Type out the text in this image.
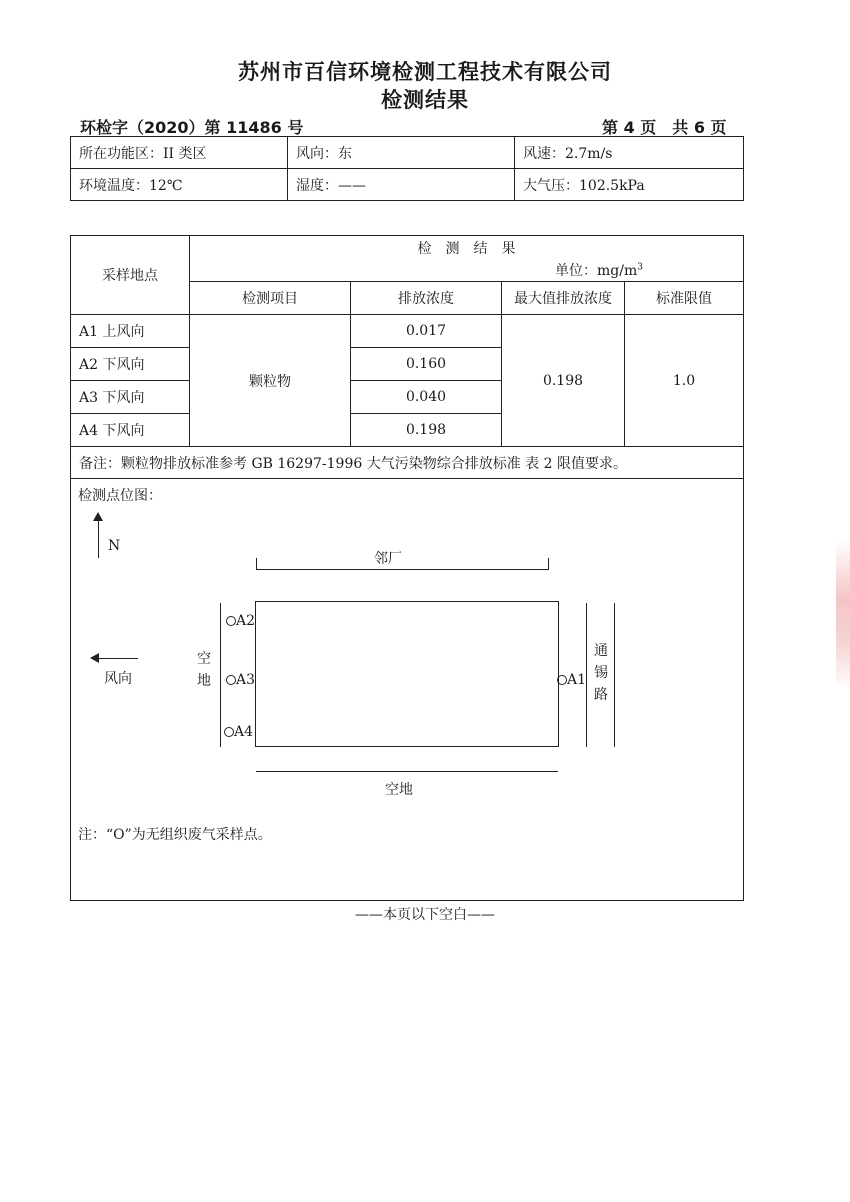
苏州市百信环境检测工程技术有限公司
检测结果
环检字（2020）第 11486 号	第 4 页　共 6 页
所在功能区：II 类区	风向：东	风速：2.7m/s
环境温度：12℃	湿度：——	大气压：102.5kPa
采样地点	检　测　结　果			
	单位：$mg/m^3$
	检测项目	排放浓度	最大值排放浓度	标准限值
A1 上风向	颗粒物	0.017	0.198	1.0
A2 下风向		0.160		
A3 下风向		0.040		
A4 下风向		0.198		
备注：颗粒物排放标准参考 GB 16297-1996 大气污染物综合排放标准 表 2 限值要求。				
检测点位图：
N
邻厂
空地
A2
A3
A4
风向	A1
通锡路
空地
注：“O”为无组织废气采样点。
——本页以下空白——
